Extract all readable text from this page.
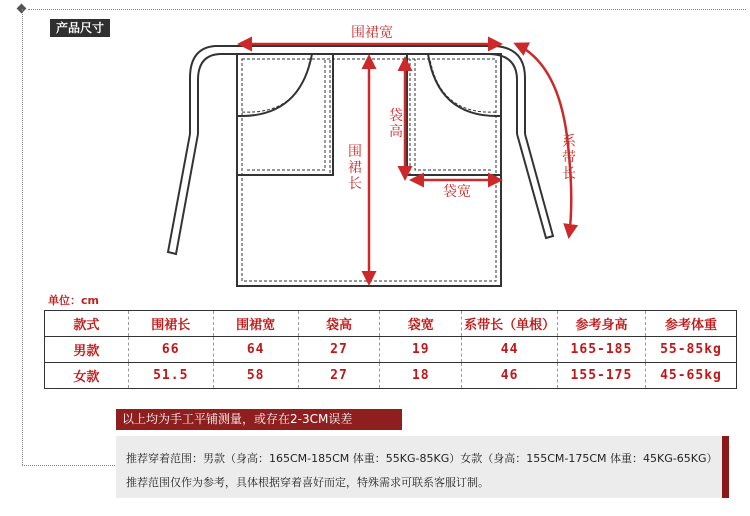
产品尺寸	围裙宽
围
裙
长
袋
高
袋宽
系
带
长
单位：cm
款式	围裙长	围裙宽	袋高	袋宽	系带长（单根）	参考身高	参考体重
男款	66	64	27	19	44	165-185	55-85kg
女款	51.5	58	27	18	46	155-175	45-65kg
以上均为手工平铺测量，或存在2-3CM误差
推荐穿着范围：男款（身高：165CM-185CM 体重：55KG-85KG）女款（身高：155CM-175CM 体重：45KG-65KG）
推荐范围仅作为参考，具体根据穿着喜好而定，特殊需求可联系客服订制。
